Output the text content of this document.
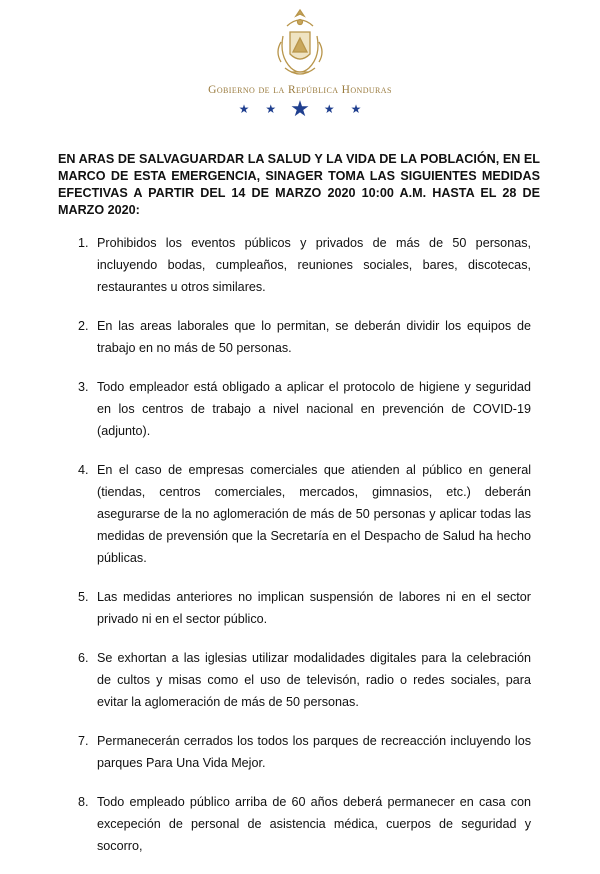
Gobierno de la República Honduras
★ ★ ★ ★ ★
EN ARAS DE SALVAGUARDAR LA SALUD Y LA VIDA DE LA POBLACIÓN, EN EL MARCO DE ESTA EMERGENCIA, SINAGER TOMA LAS SIGUIENTES MEDIDAS EFECTIVAS A PARTIR DEL 14 DE MARZO 2020 10:00 A.M. HASTA EL 28 DE MARZO 2020:
1. Prohibidos los eventos públicos y privados de más de 50 personas, incluyendo bodas, cumpleaños, reuniones sociales, bares, discotecas, restaurantes u otros similares.
2. En las areas laborales que lo permitan, se deberán dividir los equipos de trabajo en no más de 50 personas.
3. Todo empleador está obligado a aplicar el protocolo de higiene y seguridad en los centros de trabajo a nivel nacional en prevención de COVID-19 (adjunto).
4. En el caso de empresas comerciales que atienden al público en general (tiendas, centros comerciales, mercados, gimnasios, etc.) deberán asegurarse de la no aglomeración de más de 50 personas y aplicar todas las medidas de prevensión que la Secretaría en el Despacho de Salud ha hecho públicas.
5. Las medidas anteriores no implican suspensión de labores ni en el sector privado ni en el sector público.
6. Se exhortan a las iglesias utilizar modalidades digitales para la celebración de cultos y misas como el uso de televisón, radio o redes sociales, para evitar la aglomeración de más de 50 personas.
7. Permanecerán cerrados los todos los parques de recreacción incluyendo los parques Para Una Vida Mejor.
8. Todo empleado público arriba de 60 años deberá permanecer en casa con excepeción de personal de asistencia médica, cuerpos de seguridad y socorro,
